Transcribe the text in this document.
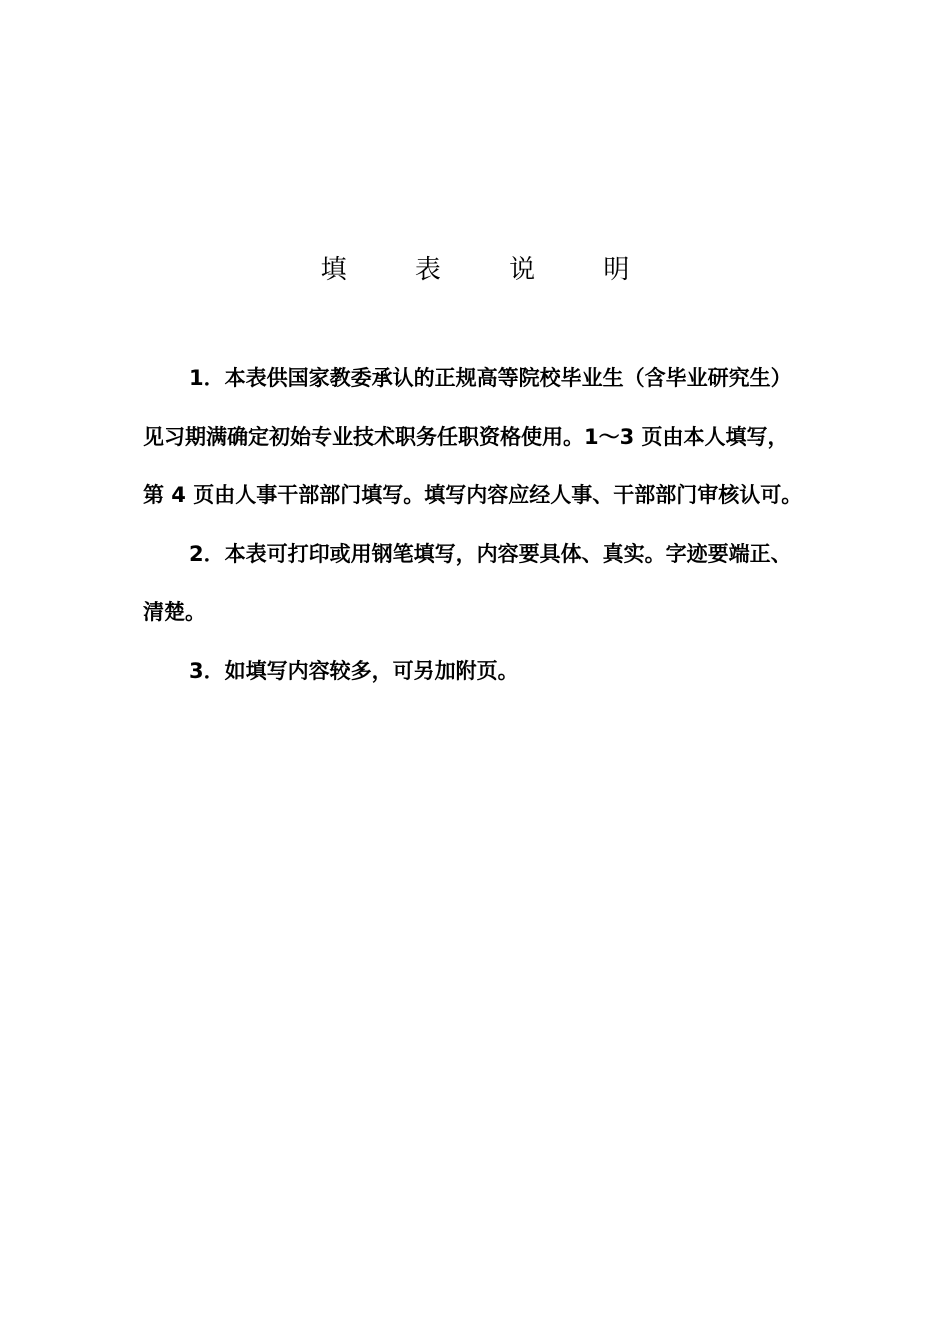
填 表 说 明

1．本表供国家教委承认的正规高等院校毕业生（含毕业研究生）
见习期满确定初始专业技术职务任职资格使用。1～3 页由本人填写，
第 4 页由人事干部部门填写。填写内容应经人事、干部部门审核认可。

2．本表可打印或用钢笔填写，内容要具体、真实。字迹要端正、
清楚。

3．如填写内容较多，可另加附页。
